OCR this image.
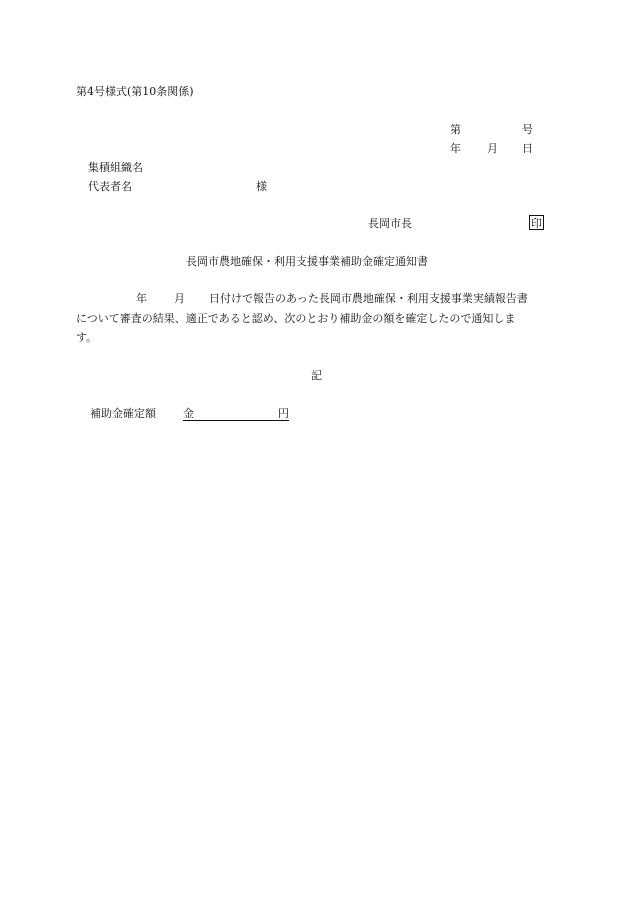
第4号様式(第10条関係)
第	号
年 月 日
集積組織名
代表者名	様
長岡市長	印
長岡市農地確保・利用支援事業補助金確定通知書
年 月 日付けで報告のあった長岡市農地確保・利用支援事業実績報告書
について審査の結果、適正であると認め、次のとおり補助金の額を確定したので通知しま
す。
記
補助金確定額 金	円
